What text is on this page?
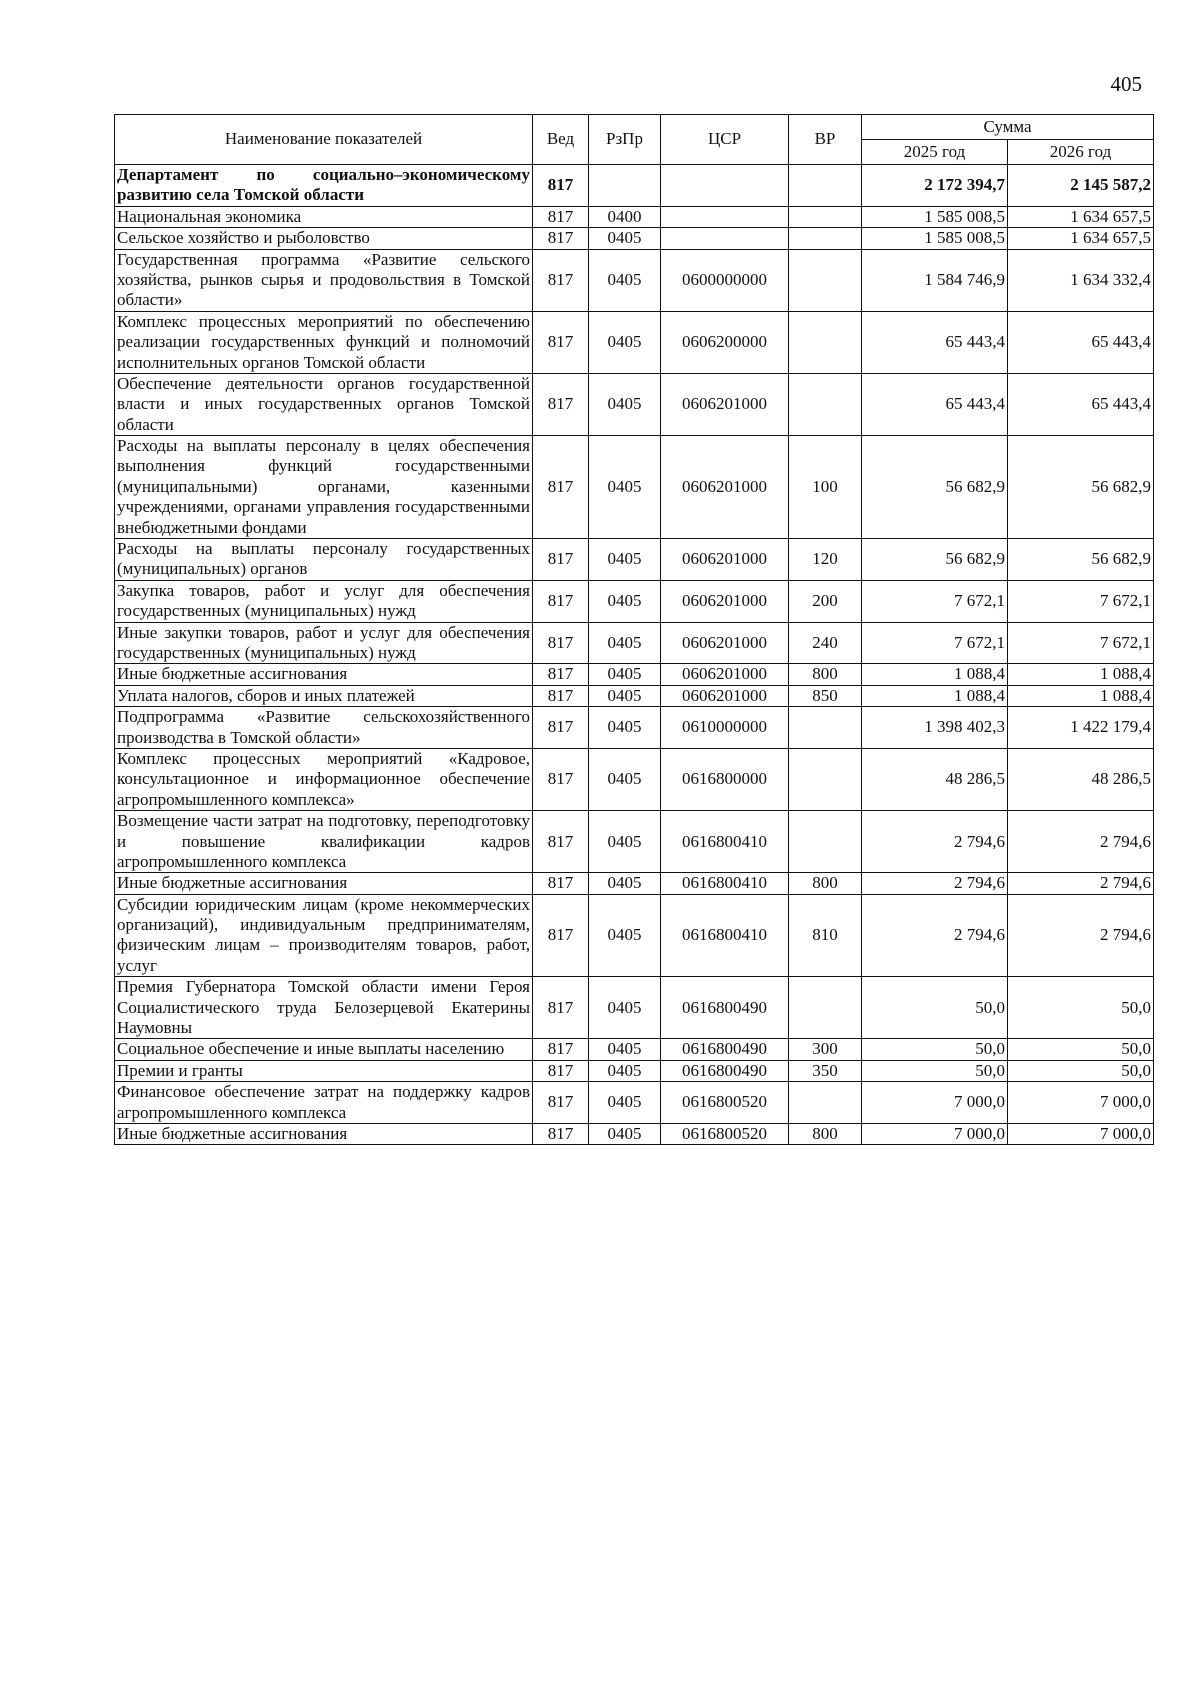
405
Наименование показателей	Вед	РзПр	ЦСР	ВР	Сумма	
					2025 год	2026 год
Департамент по социально–экономическому развитию села Томской области	817				2 172 394,7	2 145 587,2
Национальная экономика	817	0400			1 585 008,5	1 634 657,5
Сельское хозяйство и рыболовство	817	0405			1 585 008,5	1 634 657,5
Государственная программа «Развитие сельского хозяйства, рынков сырья и продовольствия в Томской области»	817	0405	0600000000		1 584 746,9	1 634 332,4
Комплекс процессных мероприятий по обеспечению реализации государственных функций и полномочий исполнительных органов Томской области	817	0405	0606200000		65 443,4	65 443,4
Обеспечение деятельности органов государственной власти и иных государственных органов Томской области	817	0405	0606201000		65 443,4	65 443,4
Расходы на выплаты персоналу в целях обеспечения выполнения функций государственными (муниципальными) органами, казенными учреждениями, органами управления государственными внебюджетными фондами	817	0405	0606201000	100	56 682,9	56 682,9
Расходы на выплаты персоналу государственных (муниципальных) органов	817	0405	0606201000	120	56 682,9	56 682,9
Закупка товаров, работ и услуг для обеспечения государственных (муниципальных) нужд	817	0405	0606201000	200	7 672,1	7 672,1
Иные закупки товаров, работ и услуг для обеспечения государственных (муниципальных) нужд	817	0405	0606201000	240	7 672,1	7 672,1
Иные бюджетные ассигнования	817	0405	0606201000	800	1 088,4	1 088,4
Уплата налогов, сборов и иных платежей	817	0405	0606201000	850	1 088,4	1 088,4
Подпрограмма «Развитие сельскохозяйственного производства в Томской области»	817	0405	0610000000		1 398 402,3	1 422 179,4
Комплекс процессных мероприятий «Кадровое, консультационное и информационное обеспечение агропромышленного комплекса»	817	0405	0616800000		48 286,5	48 286,5
Возмещение части затрат на подготовку, переподготовку и повышение квалификации кадров агропромышленного комплекса	817	0405	0616800410		2 794,6	2 794,6
Иные бюджетные ассигнования	817	0405	0616800410	800	2 794,6	2 794,6
Субсидии юридическим лицам (кроме некоммерческих организаций), индивидуальным предпринимателям, физическим лицам – производителям товаров, работ, услуг	817	0405	0616800410	810	2 794,6	2 794,6
Премия Губернатора Томской области имени Героя Социалистического труда Белозерцевой Екатерины Наумовны	817	0405	0616800490		50,0	50,0
Социальное обеспечение и иные выплаты населению	817	0405	0616800490	300	50,0	50,0
Премии и гранты	817	0405	0616800490	350	50,0	50,0
Финансовое обеспечение затрат на поддержку кадров агропромышленного комплекса	817	0405	0616800520		7 000,0	7 000,0
Иные бюджетные ассигнования	817	0405	0616800520	800	7 000,0	7 000,0
